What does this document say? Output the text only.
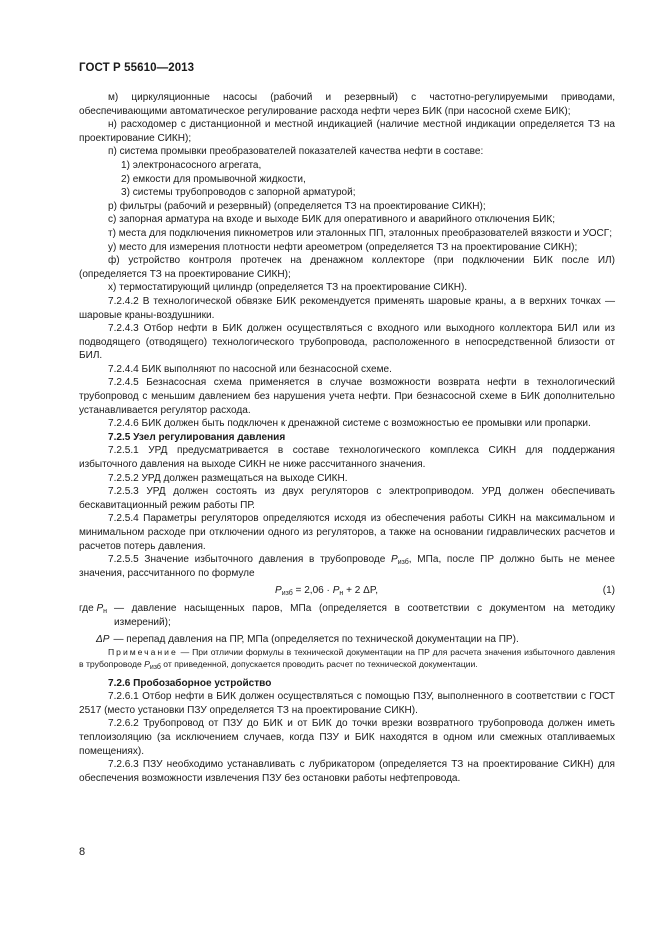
ГОСТ Р 55610—2013

м) циркуляционные насосы (рабочий и резервный) с частотно-регулируемыми приводами, обеспечивающими автоматическое регулирование расхода нефти через БИК (при насосной схеме БИК);

н) расходомер с дистанционной и местной индикацией (наличие местной индикации определяется ТЗ на проектирование СИКН);

п) система промывки преобразователей показателей качества нефти в составе:

1) электронасосного агрегата,

2) емкости для промывочной жидкости,

3) системы трубопроводов с запорной арматурой;

р) фильтры (рабочий и резервный) (определяется ТЗ на проектирование СИКН);

с) запорная арматура на входе и выходе БИК для оперативного и аварийного отключения БИК;

т) места для подключения пикнометров или эталонных ПП, эталонных преобразователей вязкости и УОСГ;

у) место для измерения плотности нефти ареометром (определяется ТЗ на проектирование СИКН);

ф) устройство контроля протечек на дренажном коллекторе (при подключении БИК после ИЛ) (определяется ТЗ на проектирование СИКН);

х) термостатирующий цилиндр (определяется ТЗ на проектирование СИКН).

7.2.4.2 В технологической обвязке БИК рекомендуется применять шаровые краны, а в верхних точках — шаровые краны-воздушники.

7.2.4.3 Отбор нефти в БИК должен осуществляться с входного или выходного коллектора БИЛ или из подводящего (отводящего) технологического трубопровода, расположенного в непосредственной близости от БИЛ.

7.2.4.4 БИК выполняют по насосной или безнасосной схеме.

7.2.4.5 Безнасосная схема применяется в случае возможности возврата нефти в технологический трубопровод с меньшим давлением без нарушения учета нефти. При безнасосной схеме в БИК дополнительно устанавливается регулятор расхода.

7.2.4.6 БИК должен быть подключен к дренажной системе с возможностью ее промывки или пропарки.

7.2.5 Узел регулирования давления

7.2.5.1 УРД предусматривается в составе технологического комплекса СИКН для поддержания избыточного давления на выходе СИКН не ниже рассчитанного значения.

7.2.5.2 УРД должен размещаться на выходе СИКН.

7.2.5.3 УРД должен состоять из двух регуляторов с электроприводом. УРД должен обеспечивать бескавитационный режим работы ПР.

7.2.5.4 Параметры регуляторов определяются исходя из обеспечения работы СИКН на максимальном и минимальном расходе при отключении одного из регуляторов, а также на основании гидравлических расчетов и расчетов потерь давления.

7.2.5.5 Значение избыточного давления в трубопроводе $P_{изб}$, МПа, после ПР должно быть не менее значения, рассчитанного по формуле

$P_{изб} = 2,06 \cdot P_н + 2$ ΔP,	(1)
где $P_н$ — давление насыщенных паров, МПа (определяется в соответствии с документом на методику измерений);
ΔP — перепад давления на ПР, МПа (определяется по технической документации на ПР).

Примечание — При отличии формулы в технической документации на ПР для расчета значения избыточного давления в трубопроводе $P_{изб}$ от приведенной, допускается проводить расчет по технической документации.

7.2.6 Пробозаборное устройство

7.2.6.1 Отбор нефти в БИК должен осуществляться с помощью ПЗУ, выполненного в соответствии с ГОСТ 2517 (место установки ПЗУ определяется ТЗ на проектирование СИКН).

7.2.6.2 Трубопровод от ПЗУ до БИК и от БИК до точки врезки возвратного трубопровода должен иметь теплоизоляцию (за исключением случаев, когда ПЗУ и БИК находятся в одном или смежных отапливаемых помещениях).

7.2.6.3 ПЗУ необходимо устанавливать с лубрикатором (определяется ТЗ на проектирование СИКН) для обеспечения возможности извлечения ПЗУ без остановки работы нефтепровода.

8
